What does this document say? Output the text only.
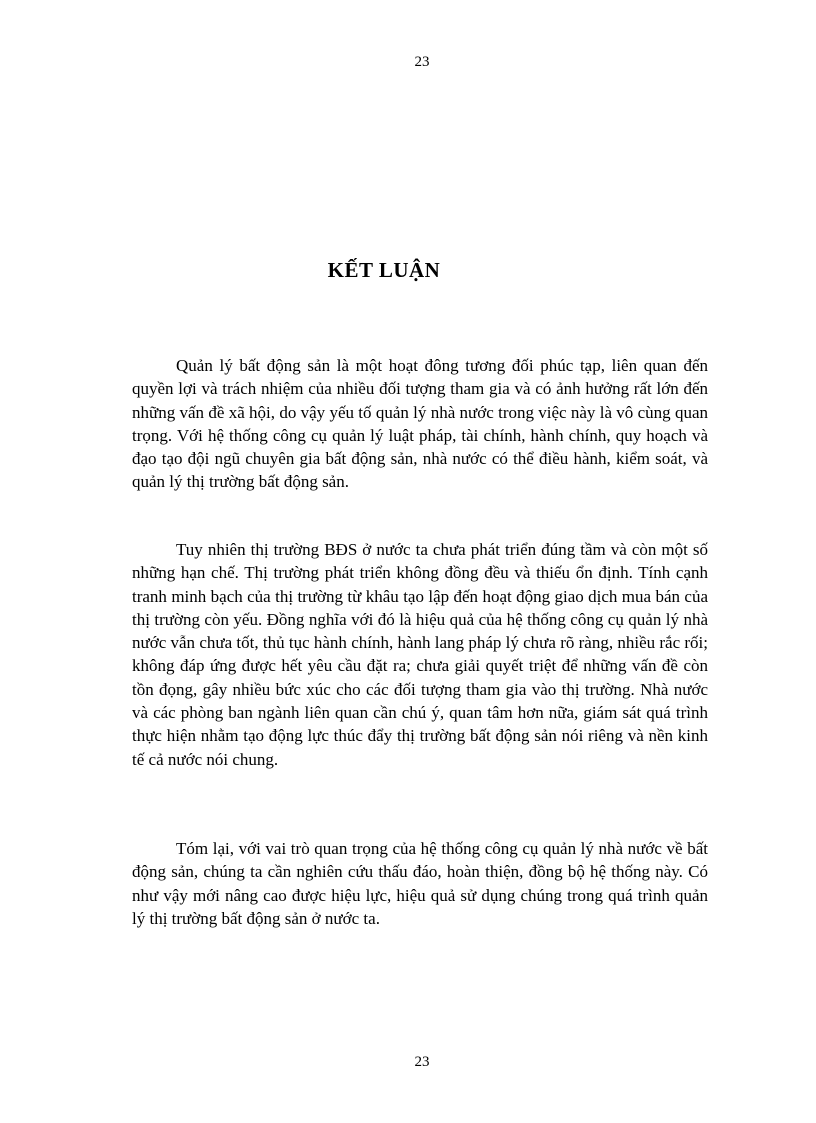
23
KẾT LUẬN

Quản lý bất động sản là một hoạt đông tương đối phúc tạp, liên quan đến quyền lợi và trách nhiệm của nhiều đối tượng tham gia và có ảnh hưởng rất lớn đến những vấn đề xã hội, do vậy yếu tố quản lý nhà nước trong việc này là vô cùng quan trọng. Với hệ thống công cụ quản lý luật pháp, tài chính, hành chính, quy hoạch và đạo tạo đội ngũ chuyên gia bất động sản, nhà nước có thể điều hành, kiểm soát, và quản lý thị trường bất động sản.

Tuy nhiên thị trường BĐS ở nước ta chưa phát triển đúng tầm và còn một số những hạn chế. Thị trường phát triển không đồng đều và thiếu ổn định. Tính cạnh tranh minh bạch của thị trường từ khâu tạo lập đến hoạt động giao dịch mua bán của thị trường còn yếu. Đồng nghĩa với đó là hiệu quả của hệ thống công cụ quản lý nhà nước vẫn chưa tốt, thủ tục hành chính, hành lang pháp lý chưa rõ ràng, nhiều rắc rối; không đáp ứng được hết yêu cầu đặt ra; chưa giải quyết triệt để những vấn đề còn tồn đọng, gây nhiều bức xúc cho các đối tượng tham gia vào thị trường. Nhà nước và các phòng ban ngành liên quan cần chú ý, quan tâm hơn nữa, giám sát quá trình thực hiện nhằm tạo động lực thúc đẩy thị trường bất động sản nói riêng và nền kinh tế cả nước nói chung.

Tóm lại, với vai trò quan trọng của hệ thống công cụ quản lý nhà nước về bất động sản, chúng ta cần nghiên cứu thấu đáo, hoàn thiện, đồng bộ hệ thống này. Có như vậy mới nâng cao được hiệu lực, hiệu quả sử dụng chúng trong quá trình quản lý thị trường bất động sản ở nước ta.

23
